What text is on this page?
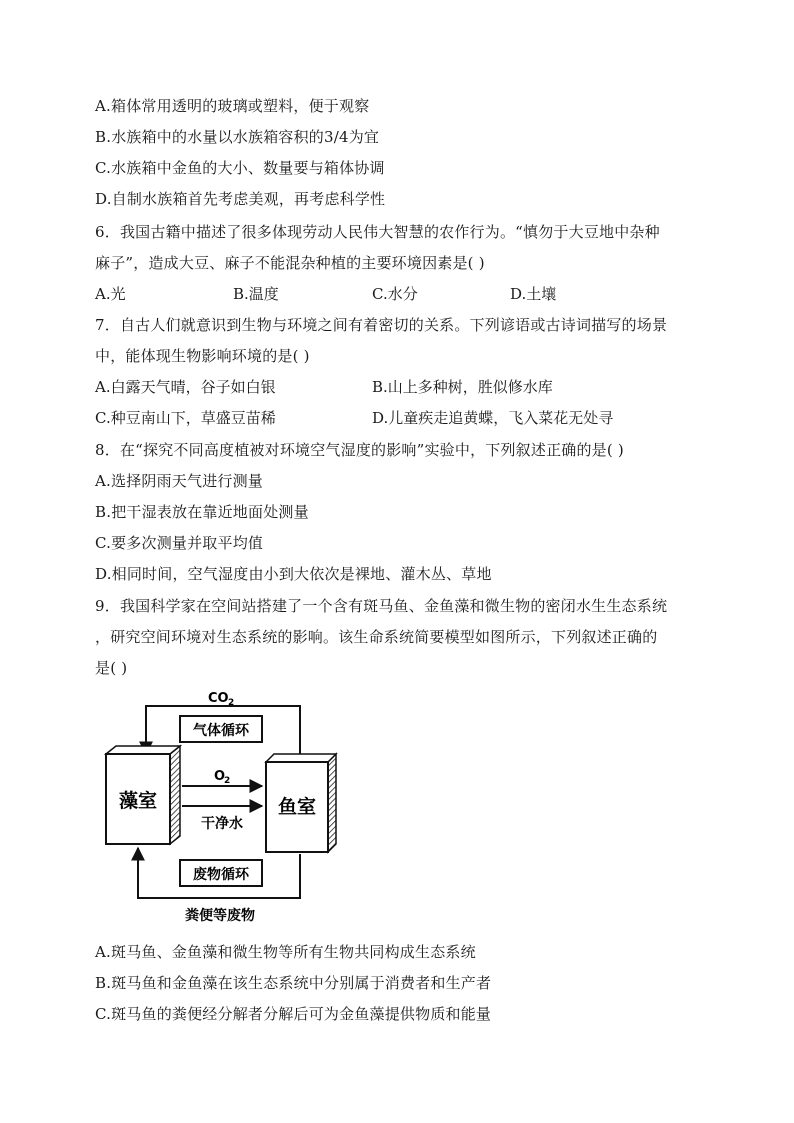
A.箱体常用透明的玻璃或塑料，便于观察
B.水族箱中的水量以水族箱容积的3/4为宜
C.水族箱中金鱼的大小、数量要与箱体协调
D.自制水族箱首先考虑美观，再考虑科学性
6．我国古籍中描述了很多体现劳动人民伟大智慧的农作行为。“慎勿于大豆地中杂种
麻子”，造成大豆、麻子不能混杂种植的主要环境因素是( )
A.光	B.温度	C.水分	D.土壤
7．自古人们就意识到生物与环境之间有着密切的关系。下列谚语或古诗词描写的场景
中，能体现生物影响环境的是( )
A.白露天气晴，谷子如白银	B.山上多种树，胜似修水库
C.种豆南山下，草盛豆苗稀	D.儿童疾走追黄蝶，飞入菜花无处寻
8．在“探究不同高度植被对环境空气湿度的影响”实验中，下列叙述正确的是( )
A.选择阴雨天气进行测量
B.把干湿表放在靠近地面处测量
C.要多次测量并取平均值
D.相同时间，空气湿度由小到大依次是裸地、灌木丛、草地
9．我国科学家在空间站搭建了一个含有斑马鱼、金鱼藻和微生物的密闭水生生态系统
，研究空间环境对生态系统的影响。该生命系统简要模型如图所示，下列叙述正确的
是( )
CO 2
气体循环
藻室	鱼室
O
2
干净水
废物循环
粪便等废物
A.斑马鱼、金鱼藻和微生物等所有生物共同构成生态系统
B.斑马鱼和金鱼藻在该生态系统中分别属于消费者和生产者
C.斑马鱼的粪便经分解者分解后可为金鱼藻提供物质和能量
